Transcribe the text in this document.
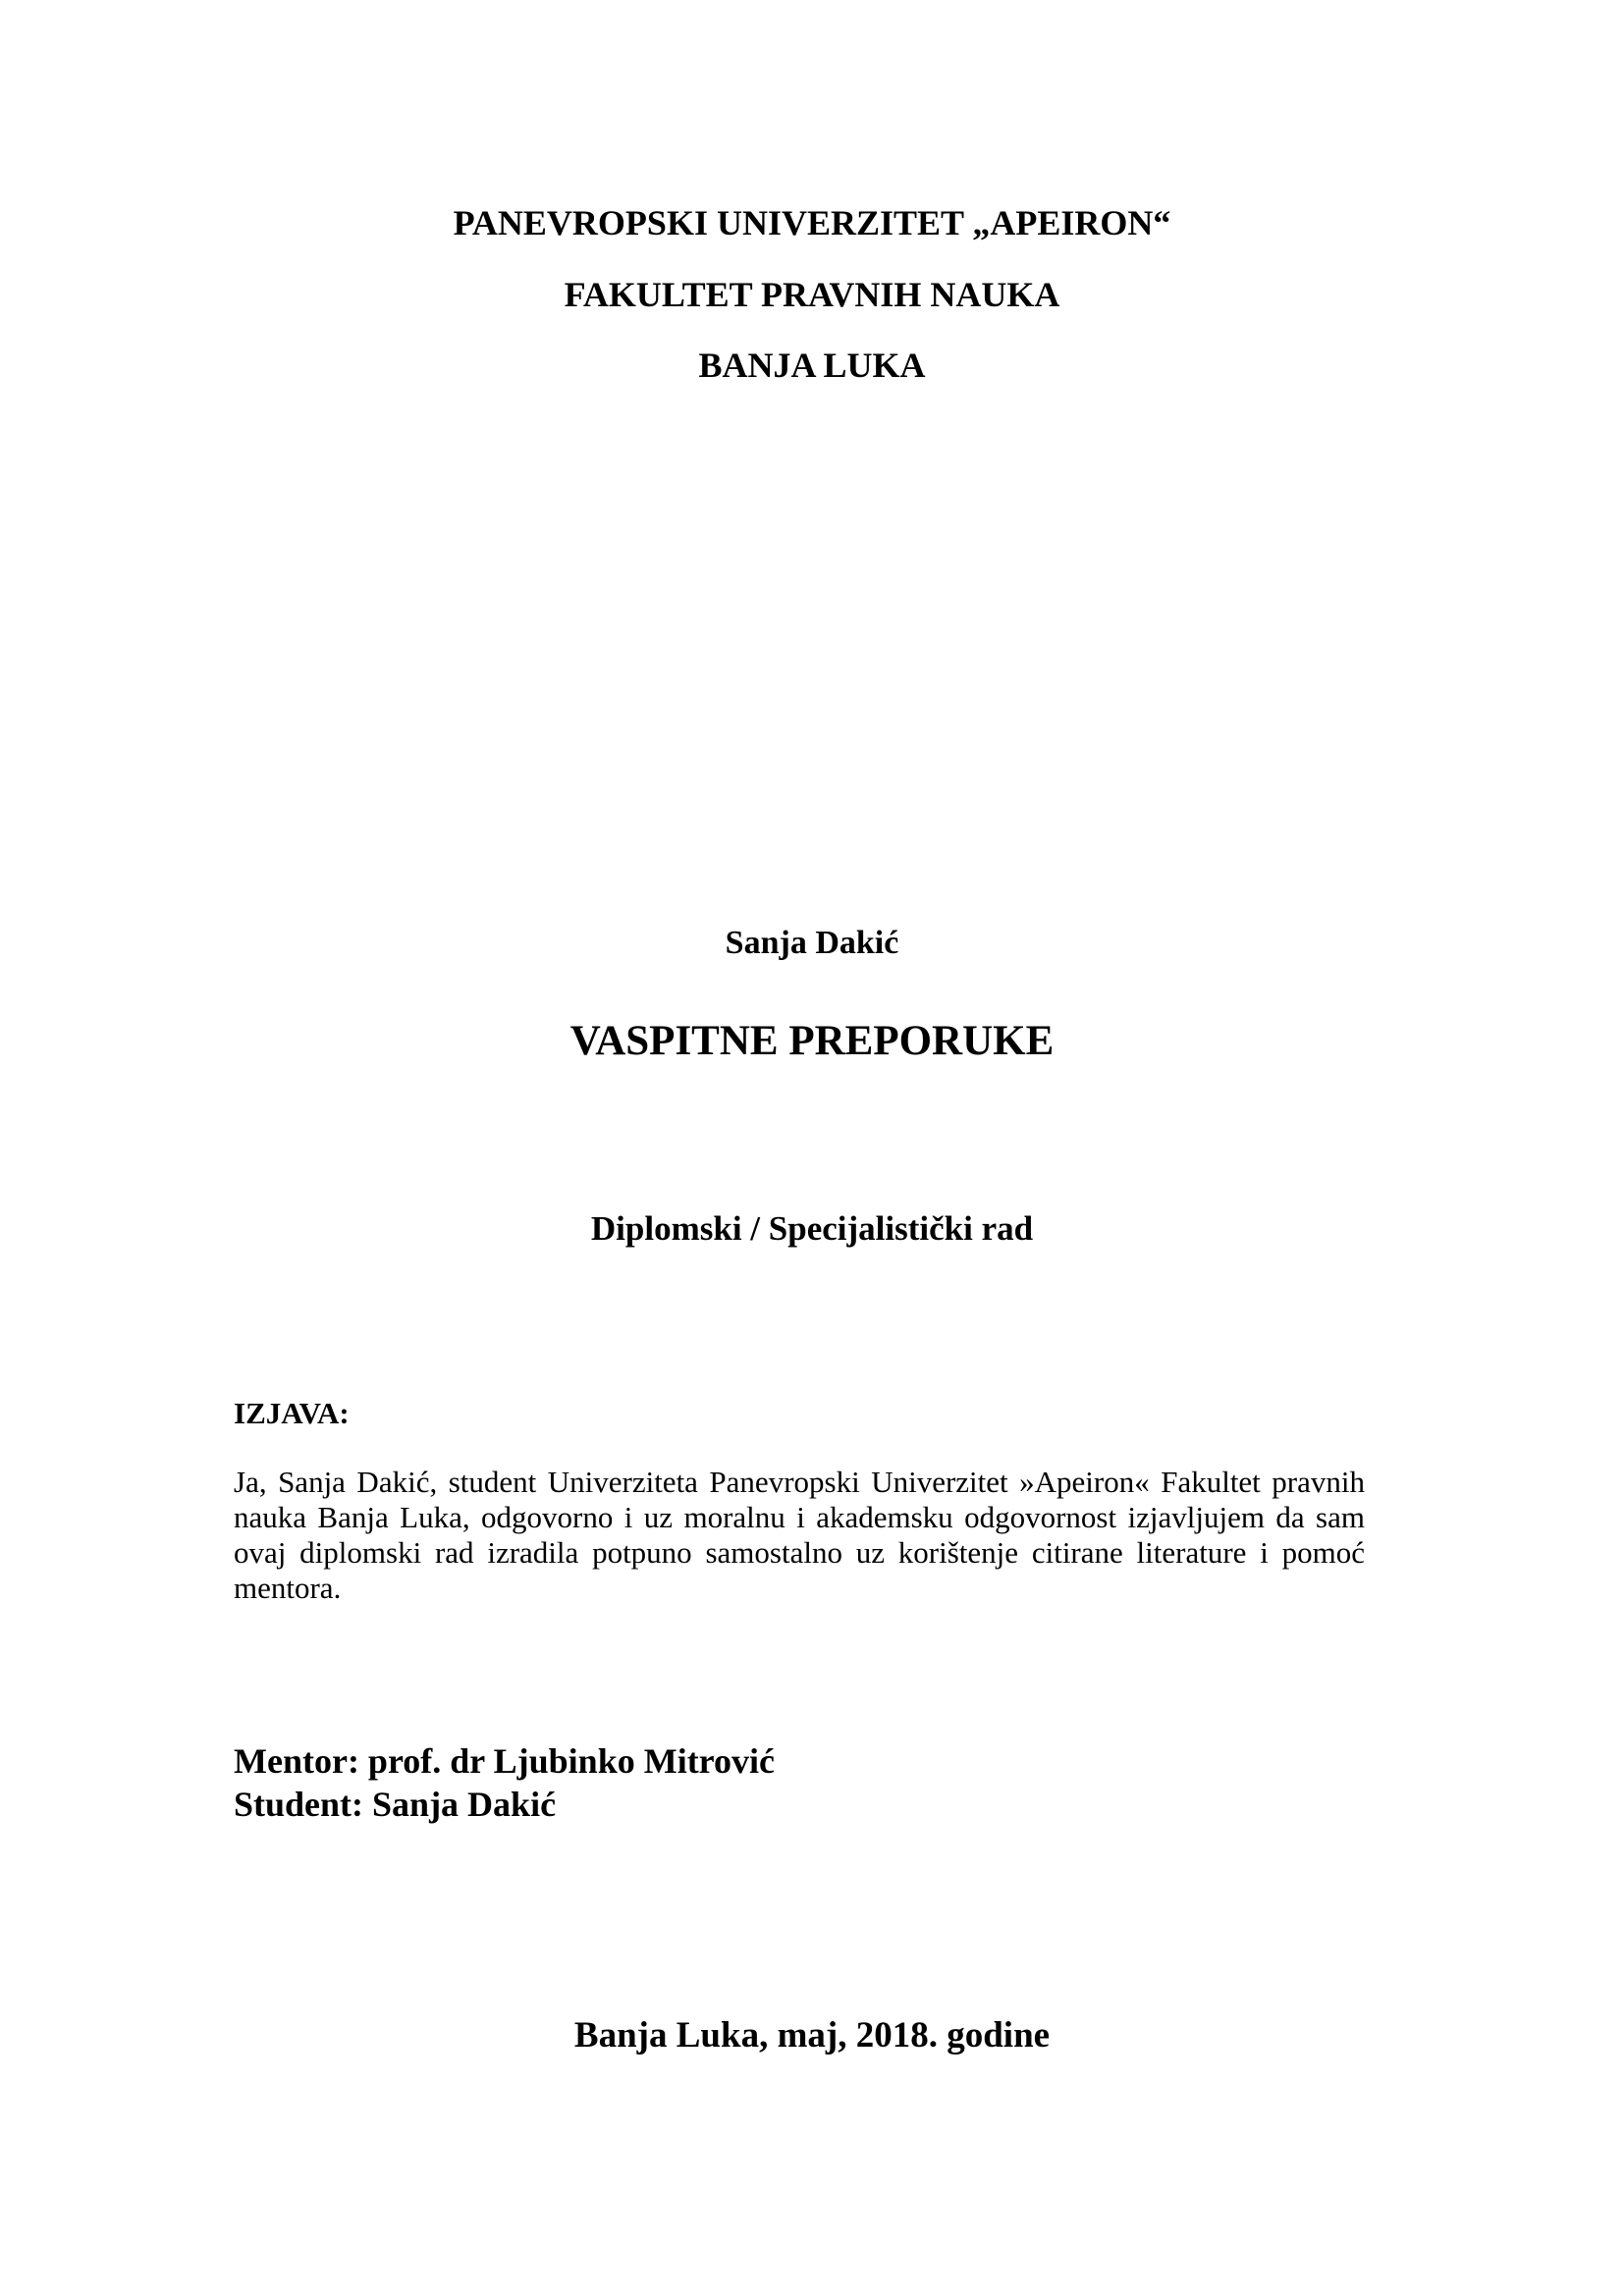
PANEVROPSKI UNIVERZITET „APEIRON“
FAKULTET PRAVNIH NAUKA
BANJA LUKA
Sanja Dakić
VASPITNE PREPORUKE
Diplomski / Specijalistički rad
IZJAVA:
Ja, Sanja Dakić, student Univerziteta Panevropski Univerzitet »Apeiron« Fakultet pravnih nauka Banja Luka, odgovorno i uz moralnu i akademsku odgovornost izjavljujem da sam ovaj diplomski rad izradila potpuno samostalno uz korištenje citirane literature i pomoć mentora.
Mentor: prof. dr Ljubinko Mitrović
Student: Sanja Dakić
Banja Luka, maj, 2018. godine
